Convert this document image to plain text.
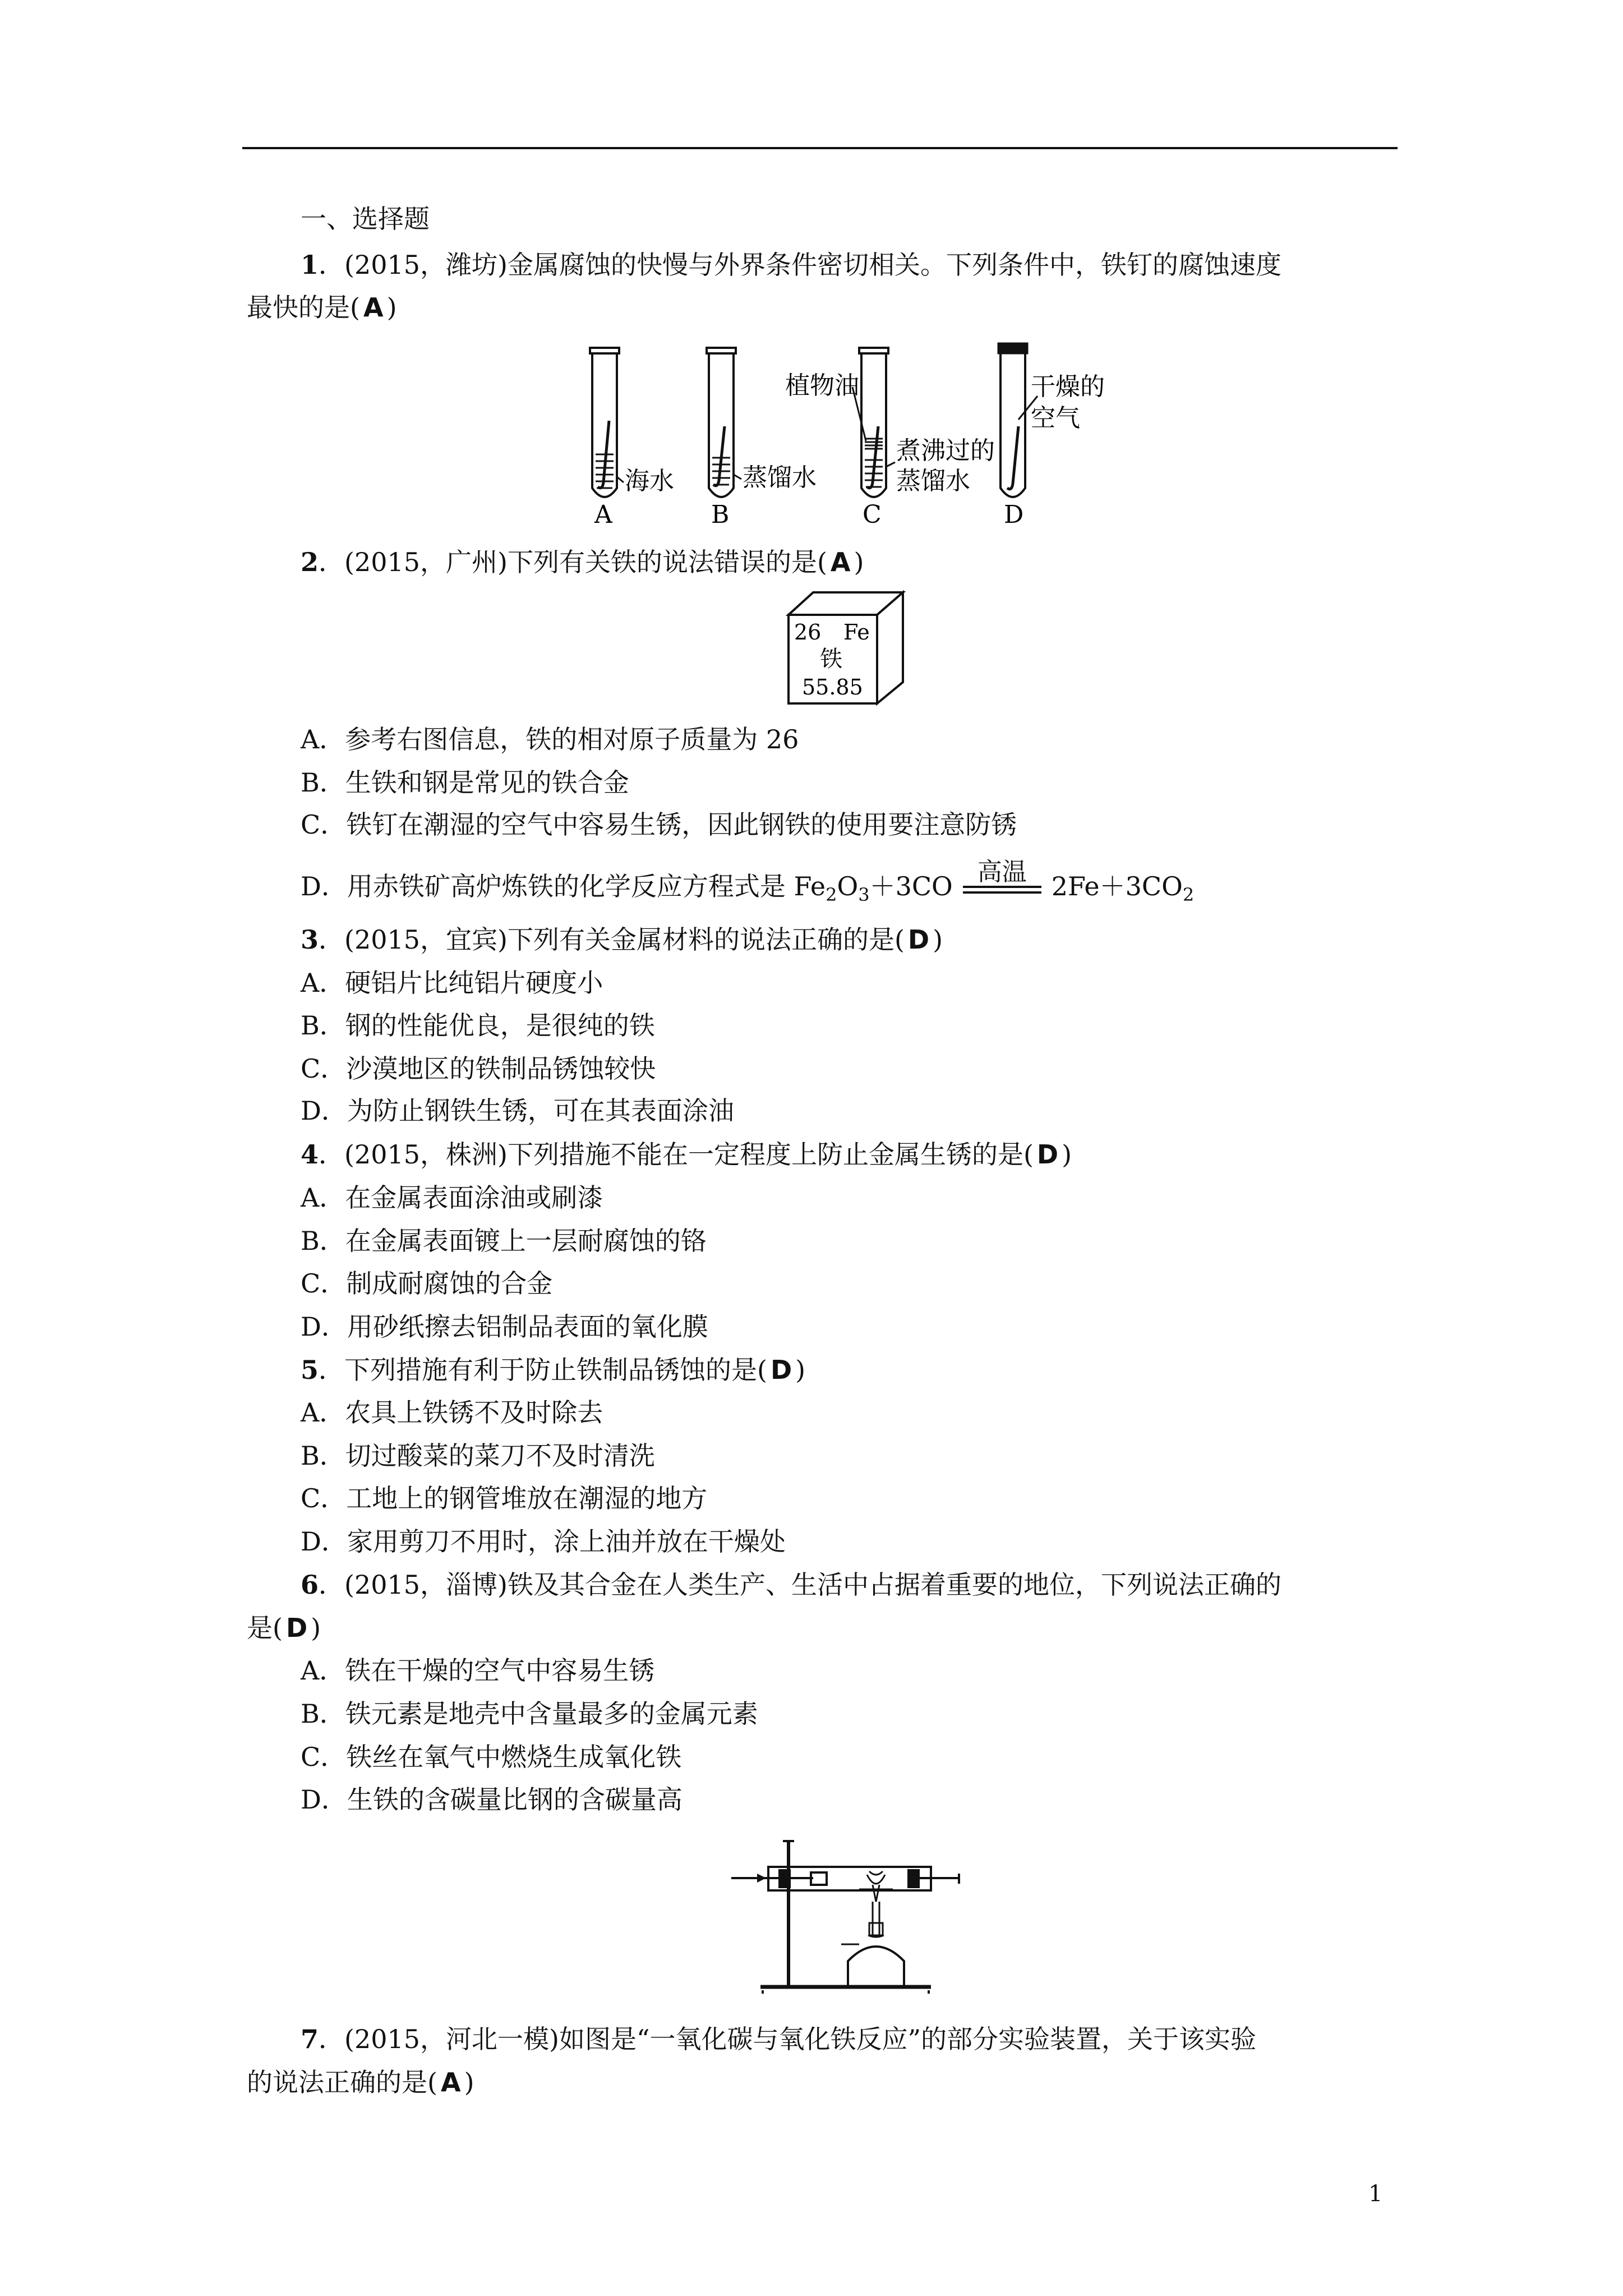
一、选择题
1．(2015，潍坊)金属腐蚀的快慢与外界条件密切相关。下列条件中，铁钉的腐蚀速度
最快的是( A )
海水
A
蒸馏水
B
植物油
煮沸过的
蒸馏水
C
干燥的
空气
D
2．(2015，广州)下列有关铁的说法错误的是( A )
26 Fe
铁
55.85
A．参考右图信息，铁的相对原子质量为 26
B．生铁和钢是常见的铁合金
C．铁钉在潮湿的空气中容易生锈，因此钢铁的使用要注意防锈
D．用赤铁矿高炉炼铁的化学反应方程式是 $Fe_2O_3+3CO$	高温 $2Fe+3CO_2$
3．(2015，宜宾)下列有关金属材料的说法正确的是( D )
A．硬铝片比纯铝片硬度小
B．钢的性能优良，是很纯的铁
C．沙漠地区的铁制品锈蚀较快
D．为防止钢铁生锈，可在其表面涂油
4．(2015，株洲)下列措施不能在一定程度上防止金属生锈的是( D )
A．在金属表面涂油或刷漆
B．在金属表面镀上一层耐腐蚀的铬
C．制成耐腐蚀的合金
D．用砂纸擦去铝制品表面的氧化膜
5．下列措施有利于防止铁制品锈蚀的是( D )
A．农具上铁锈不及时除去
B．切过酸菜的菜刀不及时清洗
C．工地上的钢管堆放在潮湿的地方
D．家用剪刀不用时，涂上油并放在干燥处
6．(2015，淄博)铁及其合金在人类生产、生活中占据着重要的地位，下列说法正确的
是( D )
A．铁在干燥的空气中容易生锈
B．铁元素是地壳中含量最多的金属元素
C．铁丝在氧气中燃烧生成氧化铁
D．生铁的含碳量比钢的含碳量高
7．(2015，河北一模)如图是“一氧化碳与氧化铁反应”的部分实验装置，关于该实验
的说法正确的是( A )
1
